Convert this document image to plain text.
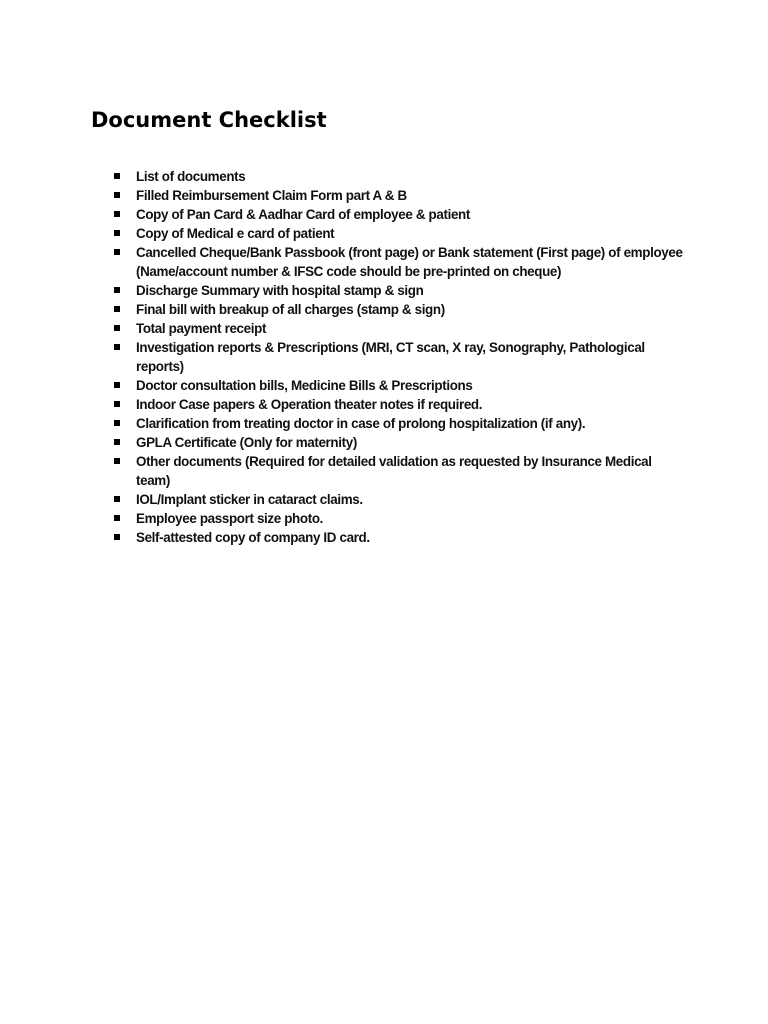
Document Checklist
List of documents
Filled Reimbursement Claim Form part A & B
Copy of Pan Card & Aadhar Card of employee & patient
Copy of Medical e card of patient
Cancelled Cheque/Bank Passbook (front page) or Bank statement (First page) of employee (Name/account number & IFSC code should be pre-printed on cheque)
Discharge Summary with hospital stamp & sign
Final bill with breakup of all charges (stamp & sign)
Total payment receipt
Investigation reports & Prescriptions (MRI, CT scan, X ray, Sonography, Pathological reports)
Doctor consultation bills, Medicine Bills & Prescriptions
Indoor Case papers & Operation theater notes if required.
Clarification from treating doctor in case of prolong hospitalization (if any).
GPLA Certificate (Only for maternity)
Other documents (Required for detailed validation as requested by Insurance Medical team)
IOL/Implant sticker in cataract claims.
Employee passport size photo.
Self-attested copy of company ID card.
